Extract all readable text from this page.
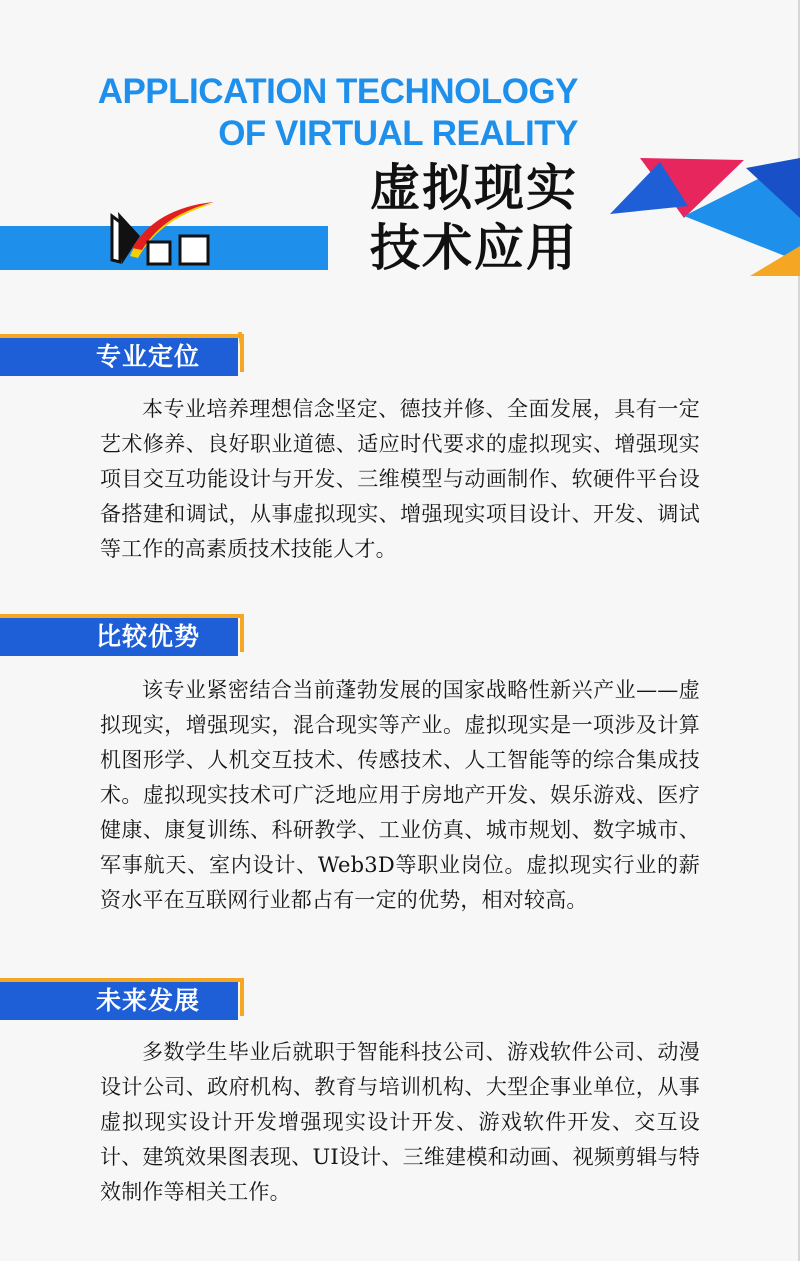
APPLICATION TECHNOLOGY
OF VIRTUAL REALITY
虚拟现实
技术应用
专业定位

本专业培养理想信念坚定、德技并修、全面发展，具有一定艺术修养、良好职业道德、适应时代要求的虚拟现实、增强现实项目交互功能设计与开发、三维模型与动画制作、软硬件平台设备搭建和调试，从事虚拟现实、增强现实项目设计、开发、调试等工作的高素质技术技能人才。

比较优势

该专业紧密结合当前蓬勃发展的国家战略性新兴产业——虚拟现实，增强现实，混合现实等产业。虚拟现实是一项涉及计算机图形学、人机交互技术、传感技术、人工智能等的综合集成技术。虚拟现实技术可广泛地应用于房地产开发、娱乐游戏、医疗健康、康复训练、科研教学、工业仿真、城市规划、数字城市、军事航天、室内设计、Web3D等职业岗位。虚拟现实行业的薪资水平在互联网行业都占有一定的优势，相对较高。

未来发展

多数学生毕业后就职于智能科技公司、游戏软件公司、动漫设计公司、政府机构、教育与培训机构、大型企事业单位，从事虚拟现实设计开发增强现实设计开发、游戏软件开发、交互设计、建筑效果图表现、UI设计、三维建模和动画、视频剪辑与特效制作等相关工作。
